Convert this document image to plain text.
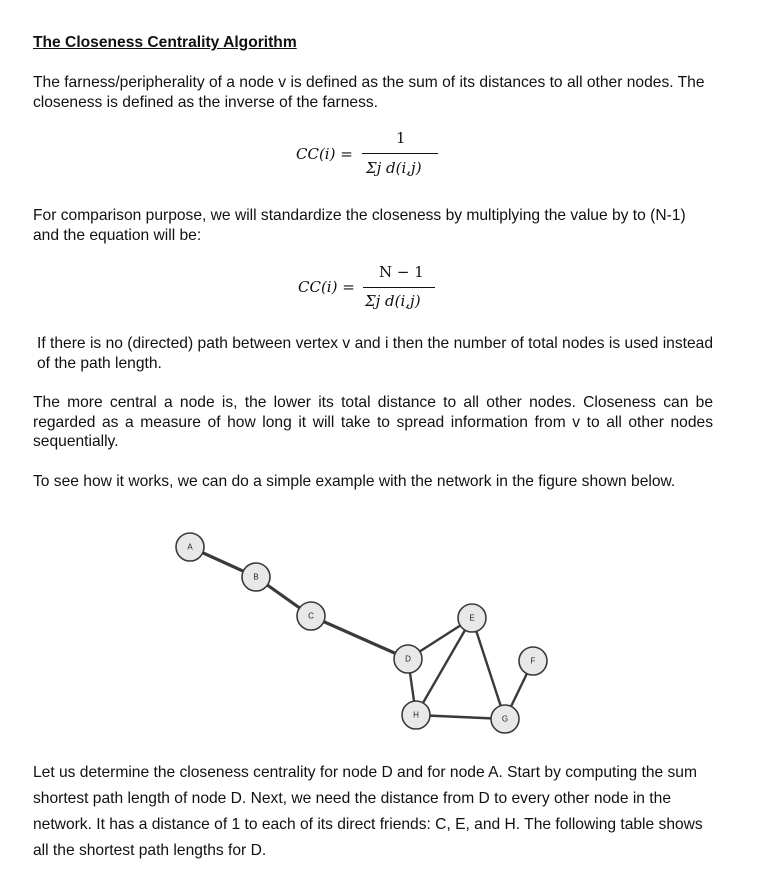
The Closeness Centrality Algorithm

The farness/peripherality of a node v is defined as the sum of its distances to all other nodes. The closeness is defined as the inverse of the farness.

CC(i) =
1
Σj d(i,j)

For comparison purpose, we will standardize the closeness by multiplying the value by to (N-1) and the equation will be:

CC(i) =
N − 1
Σj d(i,j)

If there is no (directed) path between vertex v and i then the number of total nodes is used instead of the path length.

The more central a node is, the lower its total distance to all other nodes. Closeness can be regarded as a measure of how long it will take to spread information from v to all other nodes sequentially.

To see how it works, we can do a simple example with the network in the figure shown below.

A
B
C
D
E
F
G
H

Let us determine the closeness centrality for node D and for node A. Start by computing the sum shortest path length of node D. Next, we need the distance from D to every other node in the network. It has a distance of 1 to each of its direct friends: C, E, and H. The following table shows all the shortest path lengths for D.
